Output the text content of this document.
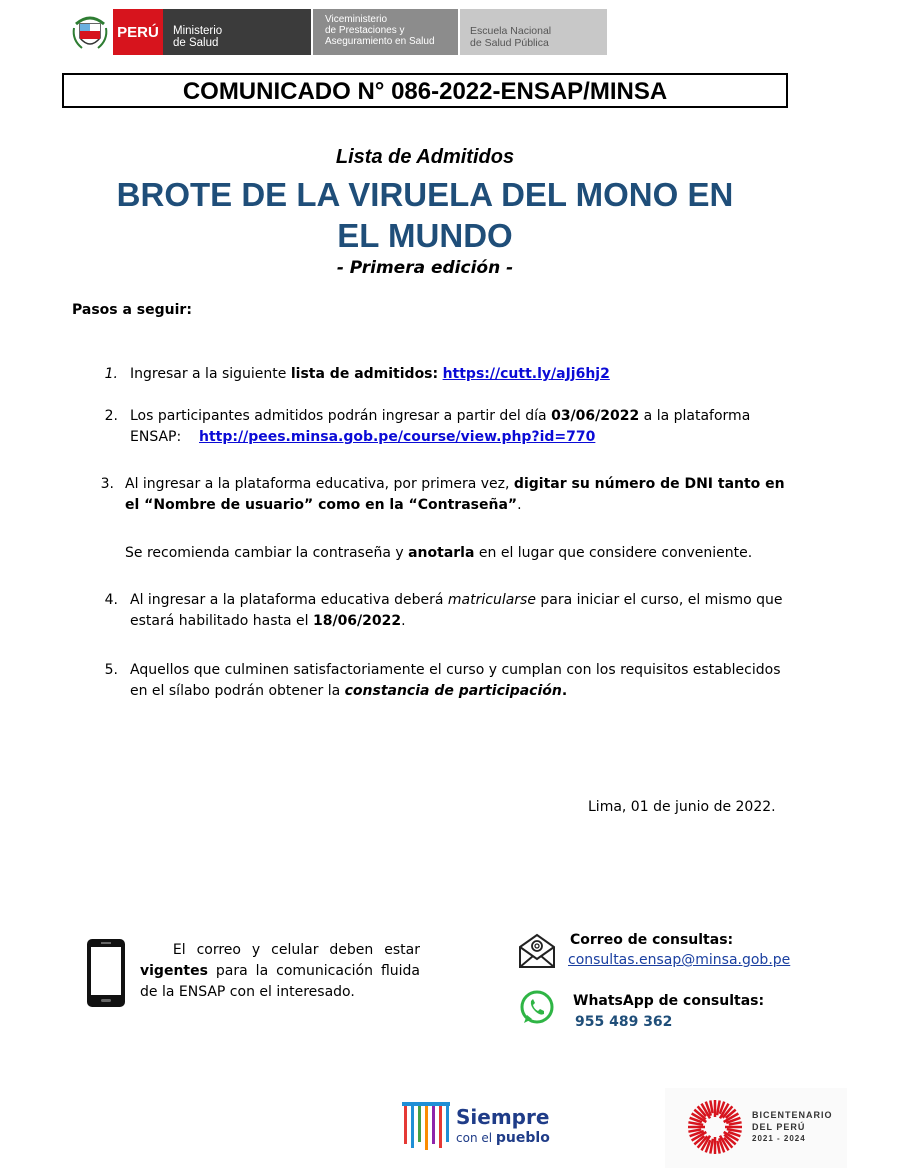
PERÚ	Ministerio
de Salud
Viceministerio
de Prestaciones y
Aseguramiento en Salud
Escuela Nacional
de Salud Pública
COMUNICADO N° 086-2022-ENSAP/MINSA
Lista de Admitidos
BROTE DE LA VIRUELA DEL MONO EN
EL MUNDO
- Primera edición -
Pasos a seguir:
1. Ingresar a la siguiente lista de admitidos: https://cutt.ly/aJj6hj2
2. Los participantes admitidos podrán ingresar a partir del día 03/06/2022 a la plataforma
ENSAP: http://pees.minsa.gob.pe/course/view.php?id=770
3. Al ingresar a la plataforma educativa, por primera vez, digitar su número de DNI tanto en
el “Nombre de usuario” como en la “Contraseña”.
Se recomienda cambiar la contraseña y anotarla en el lugar que considere conveniente.
4. Al ingresar a la plataforma educativa deberá matricularse para iniciar el curso, el mismo que
estará habilitado hasta el 18/06/2022.
5. Aquellos que culminen satisfactoriamente el curso y cumplan con los requisitos establecidos
en el sílabo podrán obtener la constancia de participación.
Lima, 01 de junio de 2022.
El correo y celular deben estar vigentes para la comunicación fluida de la ENSAP con el interesado.
Correo de consultas:
consultas.ensap@minsa.gob.pe
WhatsApp de consultas:
955 489 362
Siempre
con el pueblo
BICENTENARIO
DEL PERÚ
2021 - 2024
